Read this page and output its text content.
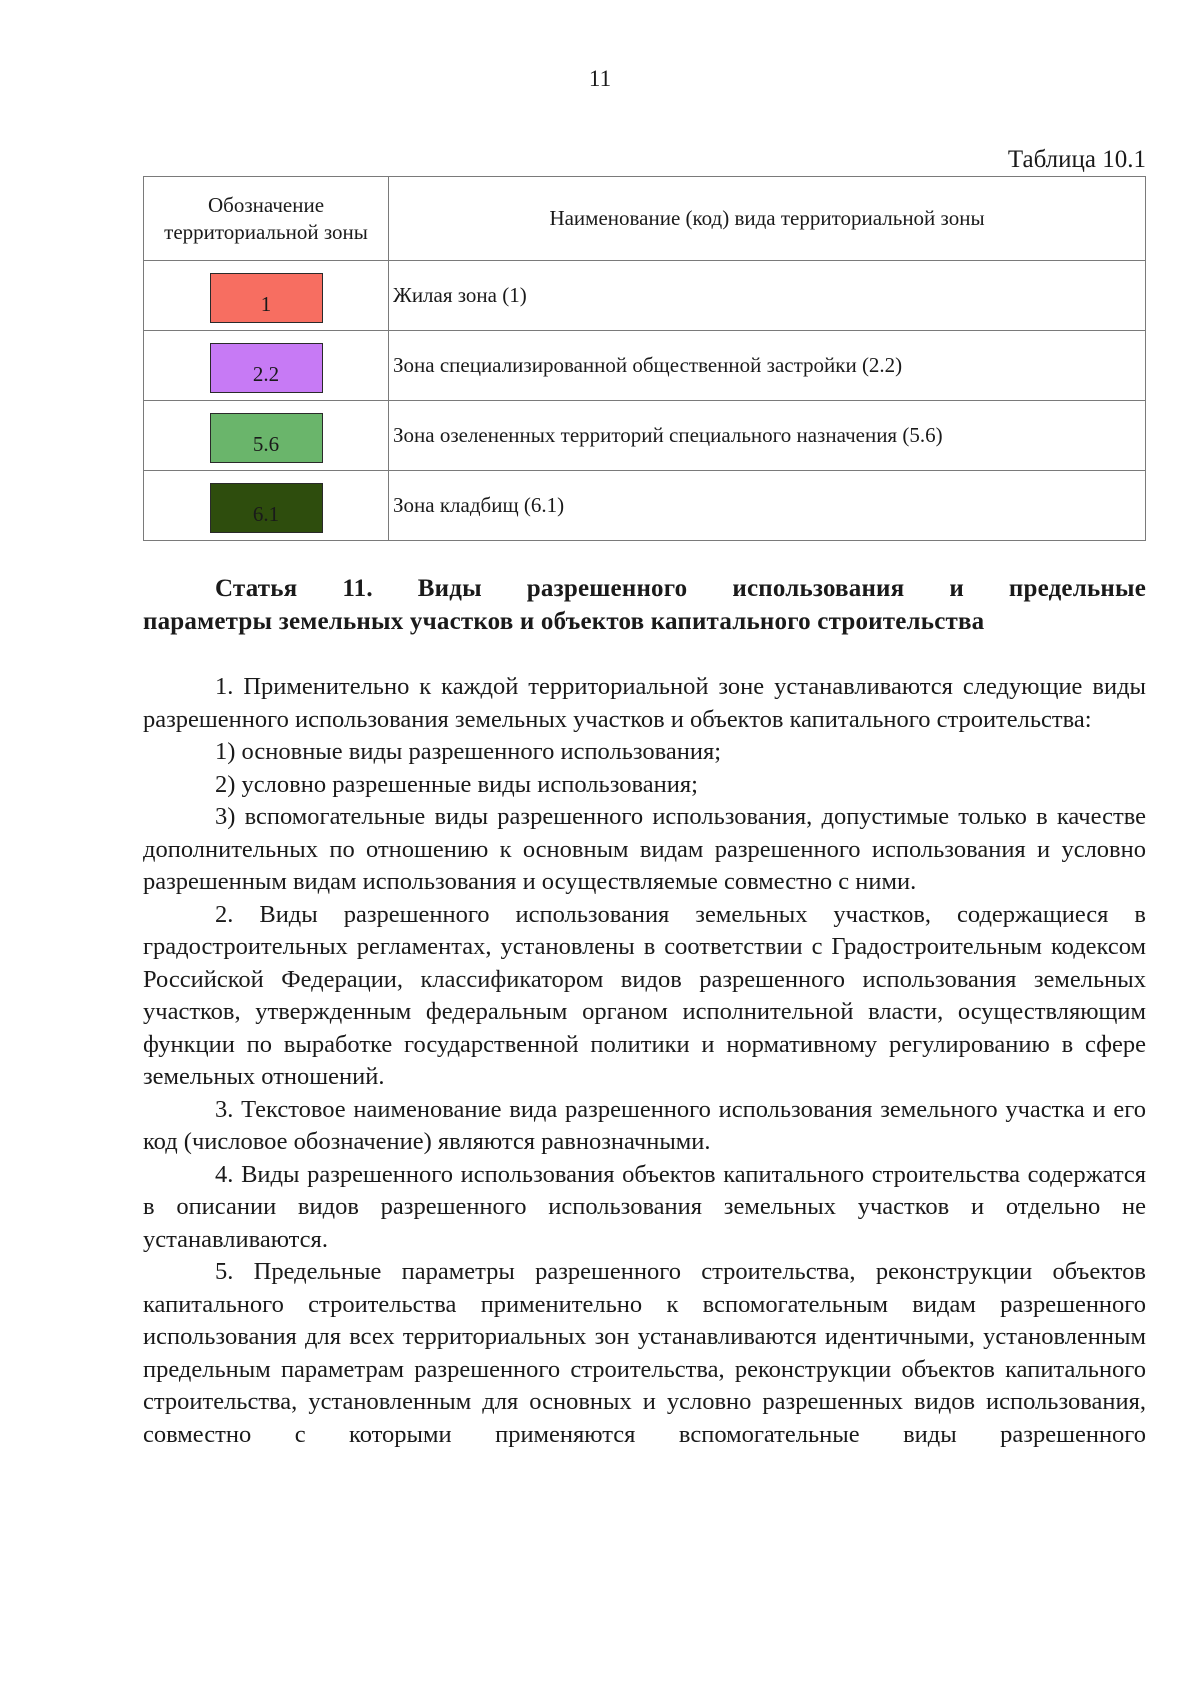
11
Таблица 10.1
Обозначение территориальной зоны	Наименование (код) вида территориальной зоны
1	Жилая зона (1)
2.2	Зона специализированной общественной застройки (2.2)
5.6	Зона озелененных территорий специального назначения (5.6)
6.1	Зона кладбищ (6.1)
Статья 11. Виды разрешенного использования и предельные
параметры земельных участков и объектов капитального строительства

1. Применительно к каждой территориальной зоне устанавливаются следующие виды разрешенного использования земельных участков и объектов капитального строительства:

1) основные виды разрешенного использования;

2) условно разрешенные виды использования;

3) вспомогательные виды разрешенного использования, допустимые только в качестве дополнительных по отношению к основным видам разрешенного использования и условно разрешенным видам использования и осуществляемые совместно с ними.

2. Виды разрешенного использования земельных участков, содержащиеся в градостроительных регламентах, установлены в соответствии с Градостроительным кодексом Российской Федерации, классификатором видов разрешенного использования земельных участков, утвержденным федеральным органом исполнительной власти, осуществляющим функции по выработке государственной политики и нормативному регулированию в сфере земельных отношений.

3. Текстовое наименование вида разрешенного использования земельного участка и его код (числовое обозначение) являются равнозначными.

4. Виды разрешенного использования объектов капитального строительства содержатся в описании видов разрешенного использования земельных участков и отдельно не устанавливаются.

5. Предельные параметры разрешенного строительства, реконструкции объектов капитального строительства применительно к вспомогательным видам разрешенного использования для всех территориальных зон устанавливаются идентичными, установленным предельным параметрам разрешенного строительства, реконструкции объектов капитального строительства, установленным для основных и условно разрешенных видов использования, совместно с которыми применяются вспомогательные виды разрешенного
